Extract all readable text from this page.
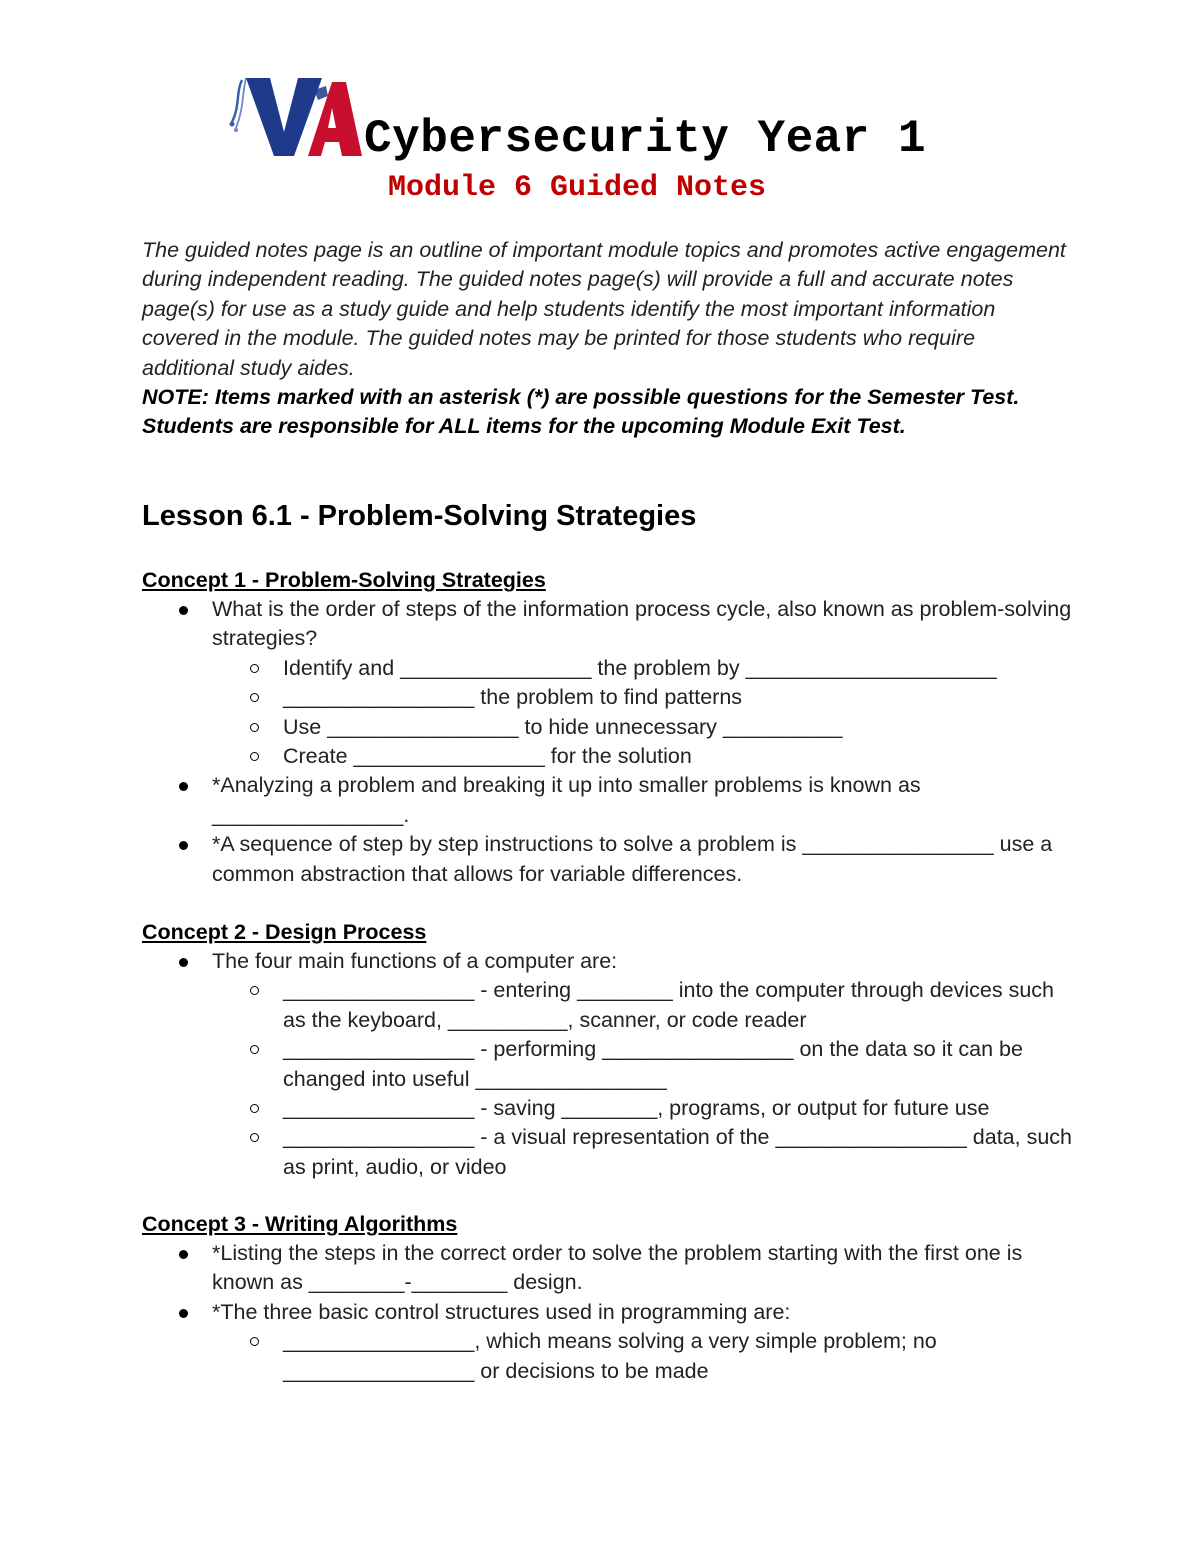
Cybersecurity Year 1
Module 6 Guided Notes

The guided notes page is an outline of important module topics and promotes active engagement during independent reading. The guided notes page(s) will provide a full and accurate notes page(s) for use as a study guide and help students identify the most important information covered in the module. The guided notes may be printed for those students who require additional study aides.

NOTE: Items marked with an asterisk (*) are possible questions for the Semester Test. Students are responsible for ALL items for the upcoming Module Exit Test.

Lesson 6.1 - Problem-Solving Strategies
Concept 1 - Problem-Solving Strategies
What is the order of steps of the information process cycle, also known as problem-solving strategies?
Identify and ________________ the problem by _____________________
________________ the problem to find patterns
Use ________________ to hide unnecessary __________
Create ________________ for the solution
*Analyzing a problem and breaking it up into smaller problems is known as ________________.
*A sequence of step by step instructions to solve a problem is ________________ use a common abstraction that allows for variable differences.
Concept 2 - Design Process
The four main functions of a computer are:
________________ - entering ________ into the computer through devices such as the keyboard, __________, scanner, or code reader
________________ - performing ________________ on the data so it can be changed into useful ________________
________________ - saving ________, programs, or output for future use
________________ - a visual representation of the ________________ data, such as print, audio, or video
Concept 3 - Writing Algorithms
*Listing the steps in the correct order to solve the problem starting with the first one is known as ________-________ design.
*The three basic control structures used in programming are:
________________, which means solving a very simple problem; no ________________ or decisions to be made
